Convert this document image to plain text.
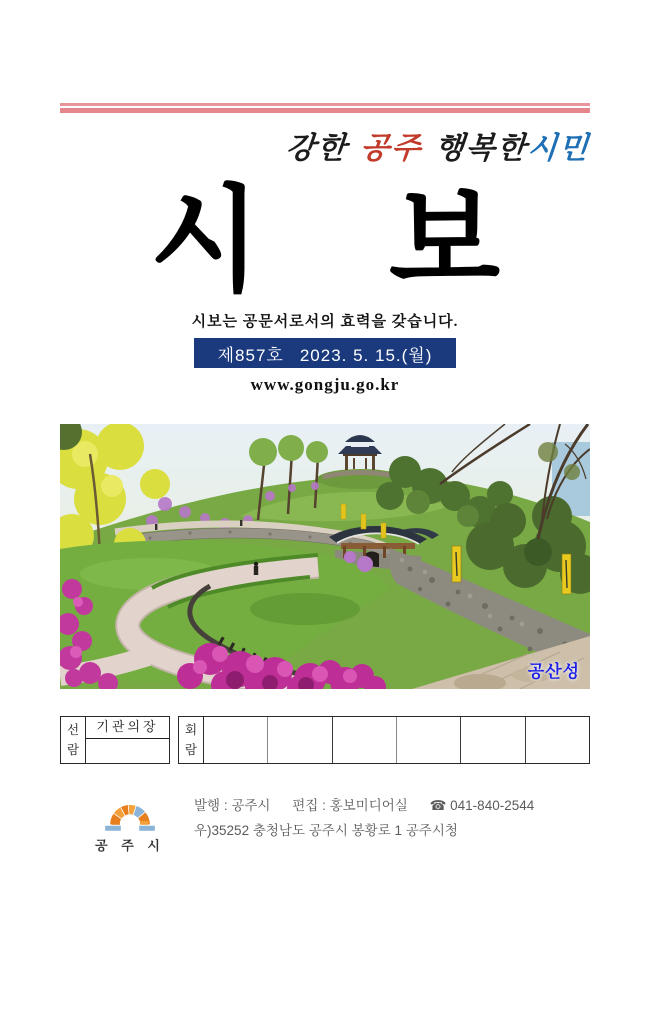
강한 공주 행복한시민
시 보

시보는 공문서로서의 효력을 갖습니다.

제857호 2023. 5. 15.(월)

www.gongju.go.kr

공산성
선
람
기관의장	회
람
공 주 시
발행 : 공주시 편집 : 홍보미디어실 ☎ 041-840-2544
우)35252 충청남도 공주시 봉황로 1 공주시청
